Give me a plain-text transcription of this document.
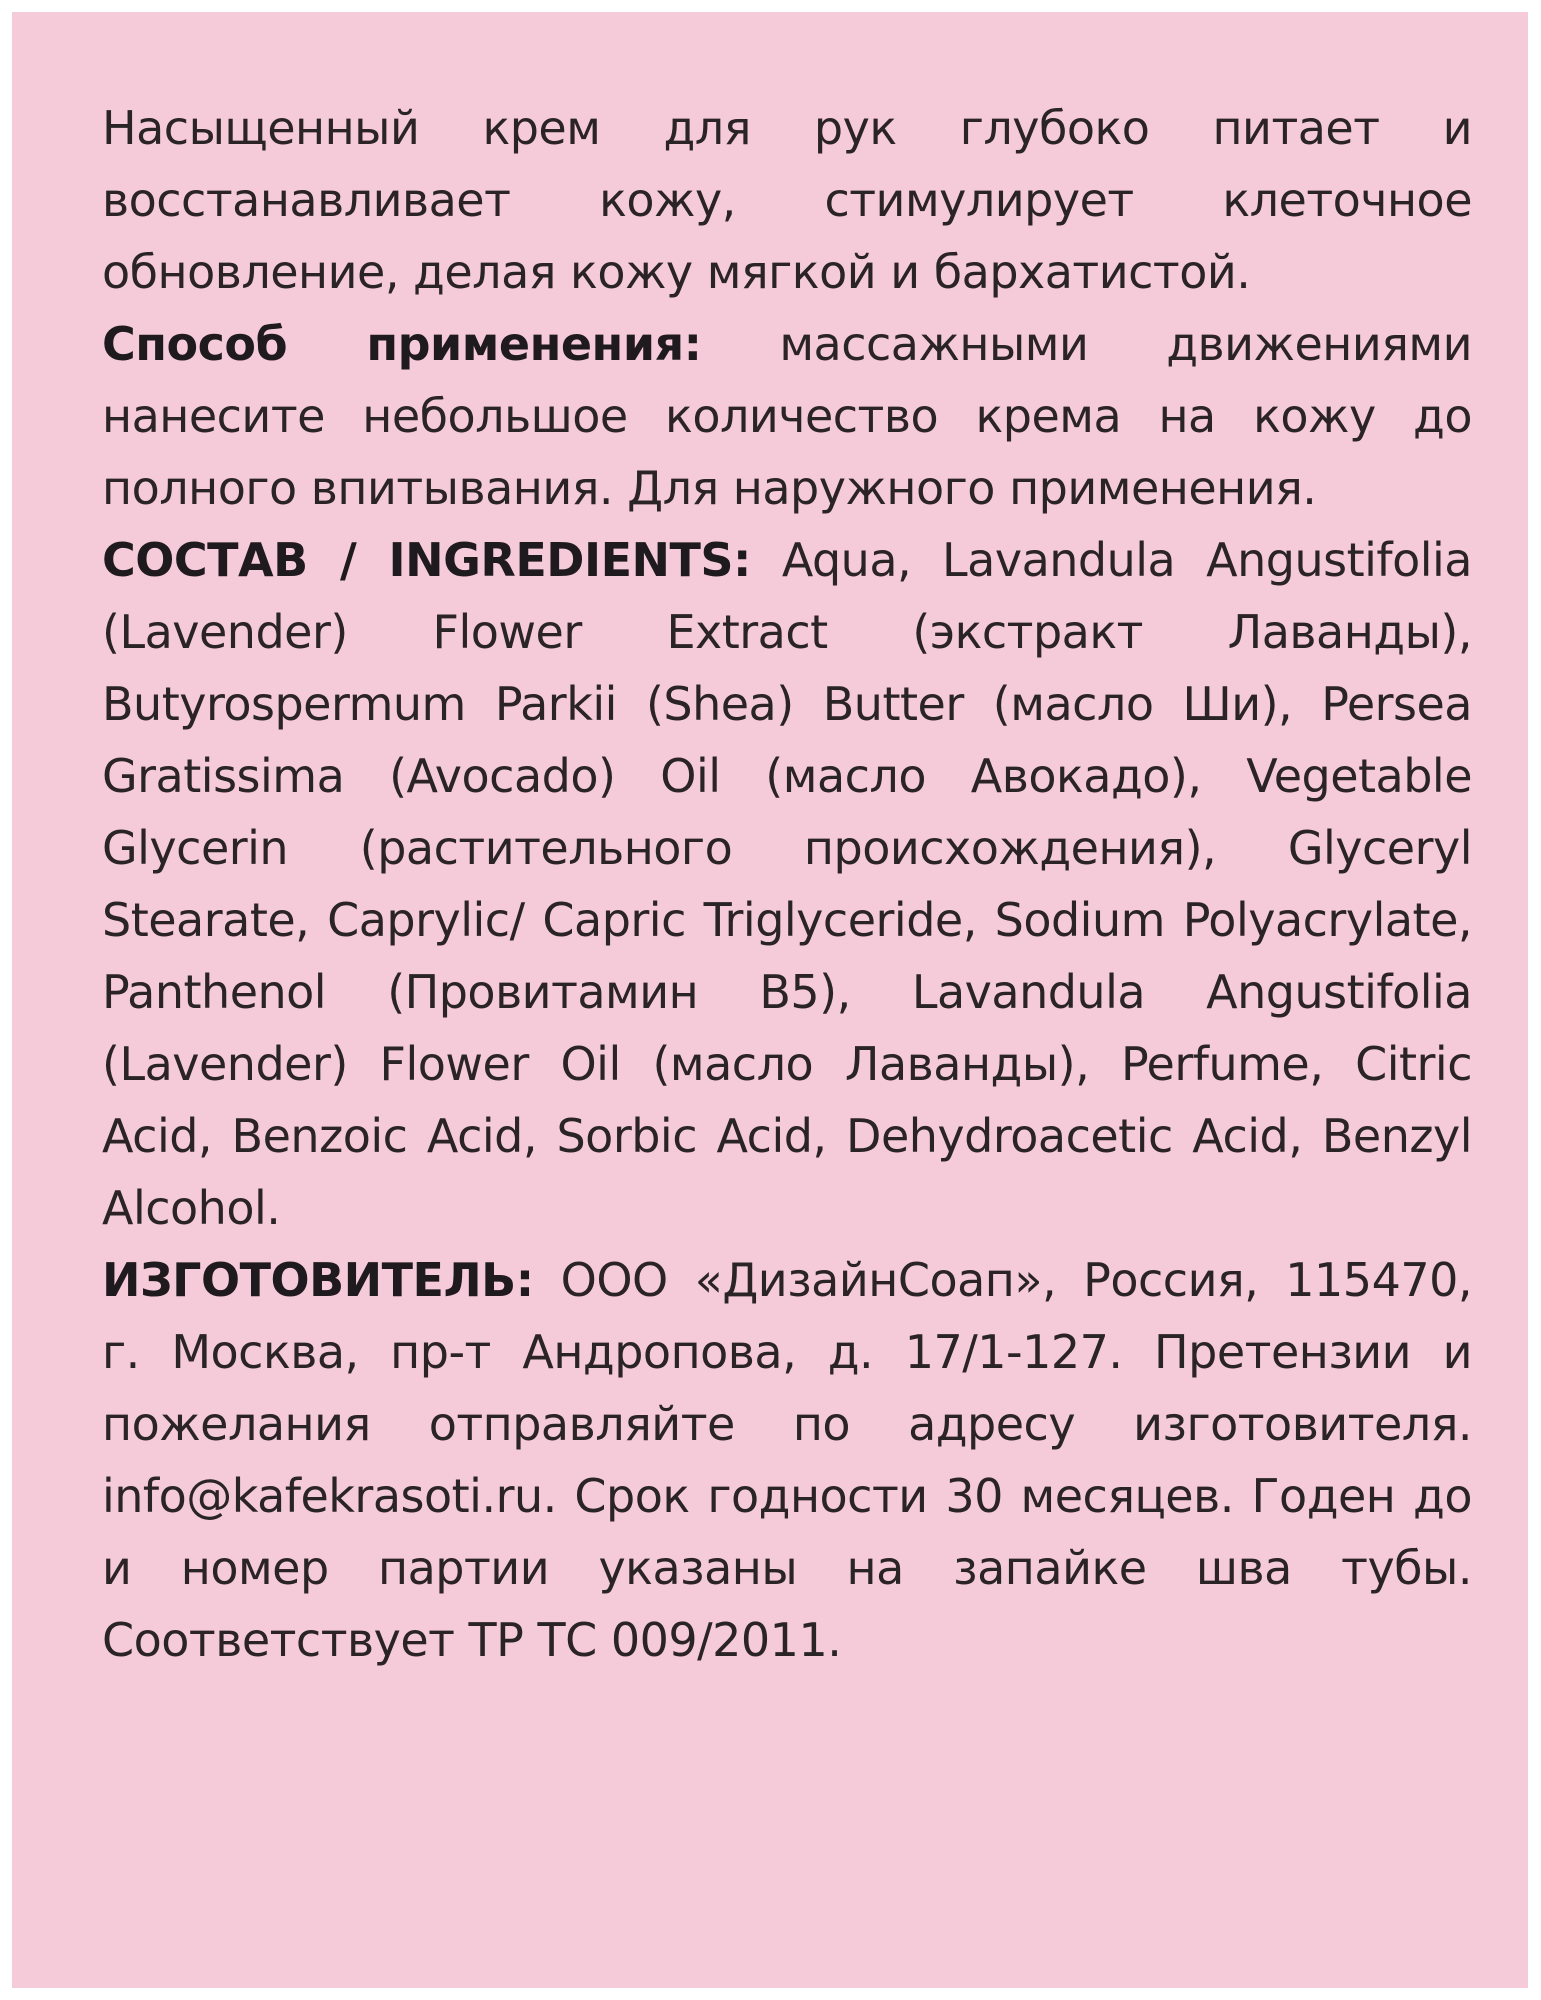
Насыщенный крем для рук глубоко питает и восстанавливает кожу, стимулирует клеточное обновление, делая кожу мягкой и бархатистой.

Способ применения: массажными движениями нанесите небольшое количество крема на кожу до полного впитывания. Для наружного применения.

СОСТАВ / INGREDIENTS: Aqua, Lavandula Angustifolia (Lavender) Flower Extract (экстракт Лаванды), Butyrospermum Parkii (Shea) Butter (масло Ши), Persea Gratissima (Avocado) Oil (масло Авокадо), Vegetable Glycerin (растительного происхождения), Glyceryl Stearate, Caprylic/ Capric Triglyceride, Sodium Polyacrylate, Panthenol (Провитамин B5), Lavandula Angustifolia (Lavender) Flower Oil (масло Лаванды), Perfume, Citric Acid, Benzoic Acid, Sorbic Acid, Dehydroacetic Acid, Benzyl Alcohol.

ИЗГОТОВИТЕЛЬ: ООО «ДизайнСоап», Россия, 115470, г. Москва, пр-т Андропова, д. 17/1-127. Претензии и пожелания отправляйте по адресу изготовителя. info@kafekrasoti.ru. Срок годности 30 месяцев. Годен до и номер партии указаны на запайке шва тубы. Соответствует ТР ТС 009/2011.
